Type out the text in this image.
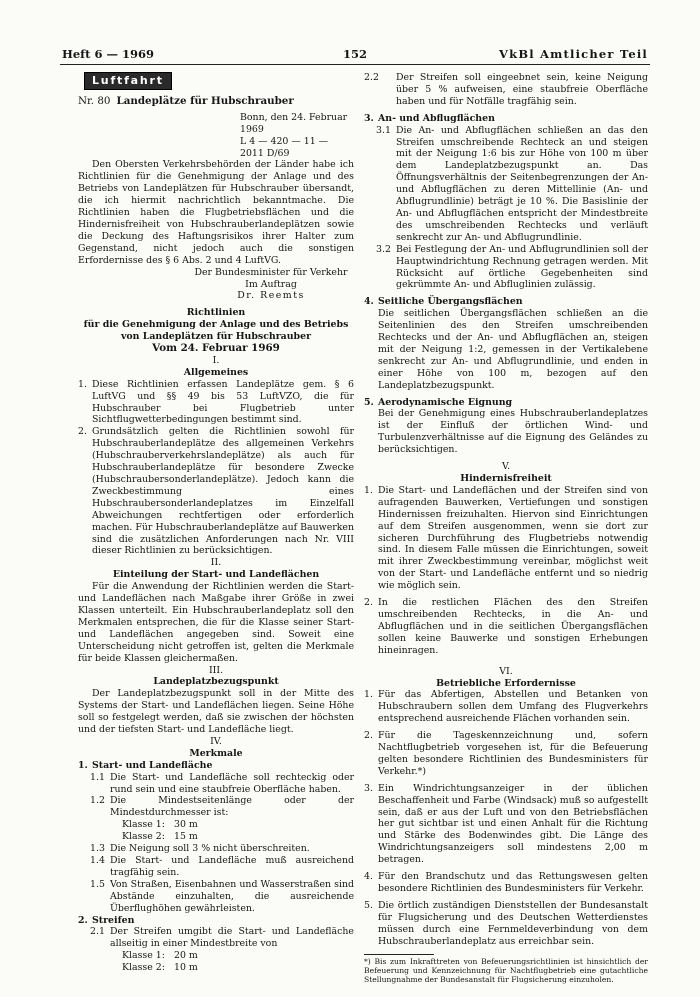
Heft 6 — 1969	152	VkBl Amtlicher Teil
Luftfahrt
Nr. 80 Landeplätze für Hubschrauber
Bonn, den 24. Februar 1969
L 4 — 420 — 11 — 2011 D/69

Den Obersten Verkehrsbehörden der Länder habe ich Richtlinien für die Genehmigung der Anlage und des Betriebs von Landeplätzen für Hubschrauber übersandt, die ich hiermit nachrichtlich bekanntmache. Die Richtlinien haben die Flugbetriebsflächen und die Hindernisfreiheit von Hubschrauberlandeplätzen sowie die Deckung des Haftungsrisikos ihrer Halter zum Gegenstand, nicht jedoch auch die sonstigen Erfordernisse des § 6 Abs. 2 und 4 LuftVG.

Der Bundesminister für Verkehr
Im Auftrag
Dr. Reemts
Richtlinien
für die Genehmigung der Anlage und des Betriebs
von Landeplätzen für Hubschrauber
Vom 24. Februar 1969
I.
Allgemeines
1. Diese Richtlinien erfassen Landeplätze gem. § 6 LuftVG und §§ 49 bis 53 LuftVZO, die für Hubschrauber bei Flugbetrieb unter Sichtflugwetterbedingungen bestimmt sind.
2. Grundsätzlich gelten die Richtlinien sowohl für Hubschrauberlandeplätze des allgemeinen Verkehrs (Hubschrauberverkehrslandeplätze) als auch für Hubschrauberlandeplätze für besondere Zwecke (Hubschraubersonderlandeplätze). Jedoch kann die Zweckbestimmung eines Hubschraubersonderlandeplatzes im Einzelfall Abweichungen rechtfertigen oder erforderlich machen. Für Hubschrauberlandeplätze auf Bauwerken sind die zusätzlichen Anforderungen nach Nr. VIII dieser Richtlinien zu berücksichtigen.
II.
Einteilung der Start- und Landeflächen

Für die Anwendung der Richtlinien werden die Start- und Landeflächen nach Maßgabe ihrer Größe in zwei Klassen unterteilt. Ein Hubschrauberlandeplatz soll den Merkmalen entsprechen, die für die Klasse seiner Start- und Landeflächen angegeben sind. Soweit eine Unterscheidung nicht getroffen ist, gelten die Merkmale für beide Klassen gleichermaßen.

III.
Landeplatzbezugspunkt

Der Landeplatzbezugspunkt soll in der Mitte des Systems der Start- und Landeflächen liegen. Seine Höhe soll so festgelegt werden, daß sie zwischen der höchsten und der tiefsten Start- und Landefläche liegt.

IV.
Merkmale
1. Start- und Landefläche
1.1 Die Start- und Landefläche soll rechteckig oder rund sein und eine staubfreie Oberfläche haben.
1.2 Die Mindestseitenlänge oder der Mindestdurchmesser ist:
Klasse 1: 30 m
Klasse 2: 15 m
1.3 Die Neigung soll 3 % nicht überschreiten.
1.4 Die Start- und Landefläche muß ausreichend tragfähig sein.
1.5 Von Straßen, Eisenbahnen und Wasserstraßen sind Abstände einzuhalten, die ausreichende Überflughöhen gewährleisten.
2. Streifen
2.1 Der Streifen umgibt die Start- und Landefläche allseitig in einer Mindestbreite von
Klasse 1: 20 m
Klasse 2: 10 m
2.2 Der Streifen soll eingeebnet sein, keine Neigung über 5 % aufweisen, eine staubfreie Oberfläche haben und für Notfälle tragfähig sein.
3. An- und Abflugflächen
3.1 Die An- und Abflugflächen schließen an das den Streifen umschreibende Rechteck an und steigen mit der Neigung 1:6 bis zur Höhe von 100 m über dem Landeplatzbezugspunkt an. Das Öffnungsverhältnis der Seitenbegrenzungen der An- und Abflugflächen zu deren Mittellinie (An- und Abflugrundlinie) beträgt je 10 %. Die Basislinie der An- und Abflugflächen entspricht der Mindestbreite des umschreibenden Rechtecks und verläuft senkrecht zur An- und Abflugrundlinie.
3.2 Bei Festlegung der An- und Abflugrundlinien soll der Hauptwindrichtung Rechnung getragen werden. Mit Rücksicht auf örtliche Gegebenheiten sind gekrümmte An- und Abfluglinien zulässig.
4. Seitliche Übergangsflächen

Die seitlichen Übergangsflächen schließen an die Seitenlinien des den Streifen umschreibenden Rechtecks und der An- und Abflugflächen an, steigen mit der Neigung 1:2, gemessen in der Vertikalebene senkrecht zur An- und Abflugrundlinie, und enden in einer Höhe von 100 m, bezogen auf den Landeplatzbezugspunkt.

5. Aerodynamische Eignung

Bei der Genehmigung eines Hubschrauberlandeplatzes ist der Einfluß der örtlichen Wind- und Turbulenzverhältnisse auf die Eignung des Geländes zu berücksichtigen.

V.
Hindernisfreiheit
1. Die Start- und Landeflächen und der Streifen sind von aufragenden Bauwerken, Vertiefungen und sonstigen Hindernissen freizuhalten. Hiervon sind Einrichtungen auf dem Streifen ausgenommen, wenn sie dort zur sicheren Durchführung des Flugbetriebs notwendig sind. In diesem Falle müssen die Einrichtungen, soweit mit ihrer Zweckbestimmung vereinbar, möglichst weit von der Start- und Landefläche entfernt und so niedrig wie möglich sein.
2. In die restlichen Flächen des den Streifen umschreibenden Rechtecks, in die An- und Abflugflächen und in die seitlichen Übergangsflächen sollen keine Bauwerke und sonstigen Erhebungen hineinragen.
VI.
Betriebliche Erfordernisse
1. Für das Abfertigen, Abstellen und Betanken von Hubschraubern sollen dem Umfang des Flugverkehrs entsprechend ausreichende Flächen vorhanden sein.
2. Für die Tageskennzeichnung und, sofern Nachtflugbetrieb vorgesehen ist, für die Befeuerung gelten besondere Richtlinien des Bundesministers für Verkehr.*)
3. Ein Windrichtungsanzeiger in der üblichen Beschaffenheit und Farbe (Windsack) muß so aufgestellt sein, daß er aus der Luft und von den Betriebsflächen her gut sichtbar ist und einen Anhalt für die Richtung und Stärke des Bodenwindes gibt. Die Länge des Windrichtungsanzeigers soll mindestens 2,00 m betragen.
4. Für den Brandschutz und das Rettungswesen gelten besondere Richtlinien des Bundesministers für Verkehr.
5. Die örtlich zuständigen Dienststellen der Bundesanstalt für Flugsicherung und des Deutschen Wetterdienstes müssen durch eine Fernmeldeverbindung von dem Hubschrauberlandeplatz aus erreichbar sein.

*) Bis zum Inkrafttreten von Befeuerungsrichtlinien ist hinsichtlich der Befeuerung und Kennzeichnung für Nachtflugbetrieb eine gutachtliche Stellungnahme der Bundesanstalt für Flugsicherung einzuholen.
